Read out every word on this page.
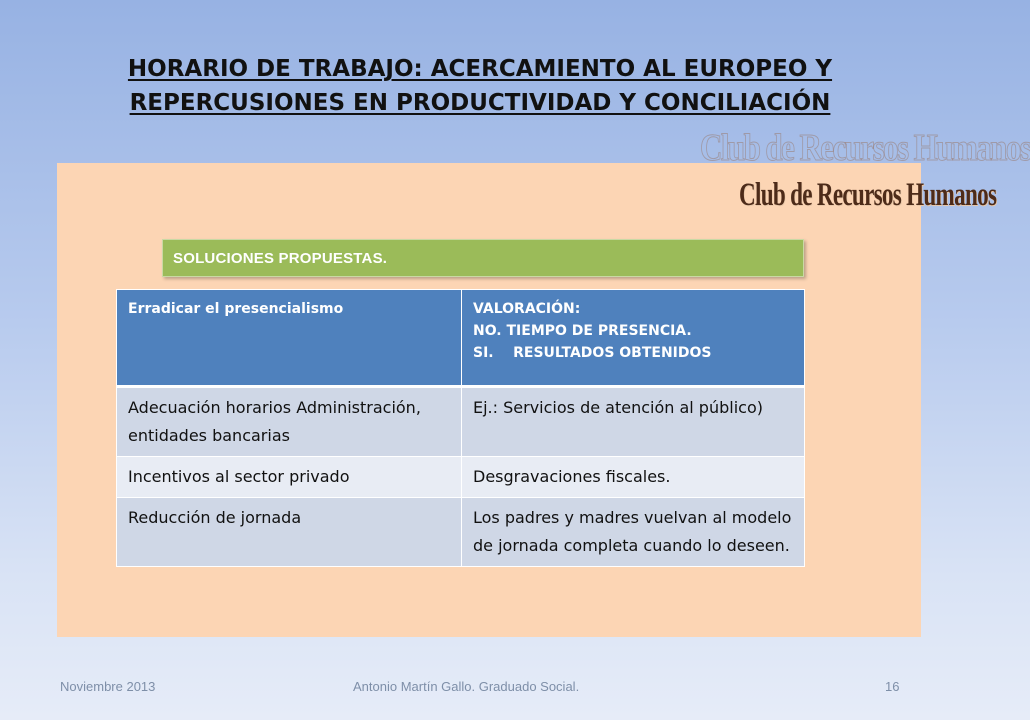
HORARIO DE TRABAJO: ACERCAMIENTO AL EUROPEO Y
REPERCUSIONES EN PRODUCTIVIDAD Y CONCILIACIÓN
Club de Recursos Humanos
Club de Recursos Humanos
SOLUCIONES PROPUESTAS.
Erradicar el presencialismo	VALORACIÓN:
NO. TIEMPO DE PRESENCIA.
SI.    RESULTADOS OBTENIDOS

Adecuación horarios Administración, entidades bancarias	Ej.: Servicios de atención al público)
Incentivos al sector privado	Desgravaciones fiscales.
Reducción de jornada	Los padres y madres vuelvan al modelo de jornada completa cuando lo deseen.
Noviembre 2013	Antonio Martín Gallo. Graduado Social.	16
